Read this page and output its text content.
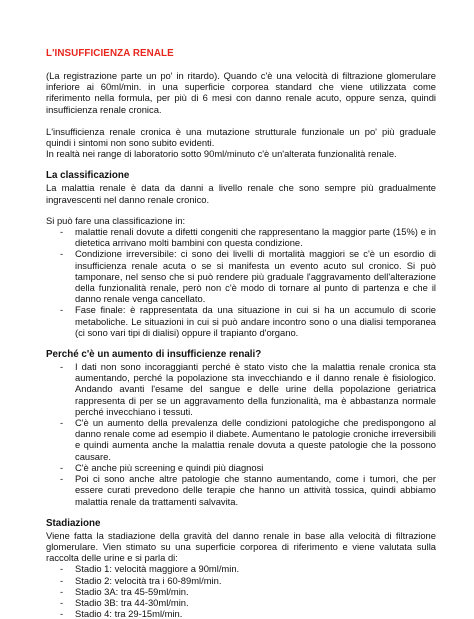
L'INSUFFICIENZA RENALE

(La registrazione parte un po' in ritardo). Quando c'è una velocità di filtrazione glomerulare inferiore ai 60ml/min. in una superficie corporea standard che viene utilizzata come riferimento nella formula, per più di 6 mesi con danno renale acuto, oppure senza, quindi insufficienza renale cronica.

L'insufficienza renale cronica è una mutazione strutturale funzionale un po' più graduale quindi i sintomi non sono subito evidenti.

In realtà nei range di laboratorio sotto 90ml/minuto c'è un'alterata funzionalità renale.

La classificazione

La malattia renale è data da danni a livello renale che sono sempre più gradualmente ingravescenti nel danno renale cronico.

Si può fare una classificazione in:

- malattie renali dovute a difetti congeniti che rappresentano la maggior parte (15%) e in dietetica arrivano molti bambini con questa condizione.
- Condizione irreversibile: ci sono dei livelli di mortalità maggiori se c'è un esordio di insufficienza renale acuta o se si manifesta un evento acuto sul cronico. Si può tamponare, nel senso che si può rendere più graduale l'aggravamento dell'alterazione della funzionalità renale, però non c'è modo di tornare al punto di partenza e che il danno renale venga cancellato.
- Fase finale: è rappresentata da una situazione in cui si ha un accumulo di scorie metaboliche. Le situazioni in cui si può andare incontro sono o una dialisi temporanea (ci sono vari tipi di dialisi) oppure il trapianto d'organo.

Perché c'è un aumento di insufficienze renali?

- I dati non sono incoraggianti perché è stato visto che la malattia renale cronica sta aumentando, perché la popolazione sta invecchiando e il danno renale è fisiologico. Andando avanti l'esame del sangue e delle urine della popolazione geriatrica rappresenta di per se un aggravamento della funzionalità, ma è abbastanza normale perché invecchiano i tessuti.
- C'è un aumento della prevalenza delle condizioni patologiche che predispongono al danno renale come ad esempio il diabete. Aumentano le patologie croniche irreversibili e quindi aumenta anche la malattia renale dovuta a queste patologie che la possono causare.
- C'è anche più screening e quindi più diagnosi
- Poi ci sono anche altre patologie che stanno aumentando, come i tumori, che per essere curati prevedono delle terapie che hanno un attività tossica, quindi abbiamo malattia renale da trattamenti salvavita.

Stadiazione

Viene fatta la stadiazione della gravità del danno renale in base alla velocità di filtrazione glomerulare. Vien stimato su una superficie corporea di riferimento e viene valutata sulla raccolta delle urine e si parla di:

- Stadio 1: velocità maggiore a 90ml/min.
- Stadio 2: velocità tra i 60-89ml/min.
- Stadio 3A: tra 45-59ml/min.
- Stadio 3B: tra 44-30ml/min.
- Stadio 4: tra 29-15ml/min.
